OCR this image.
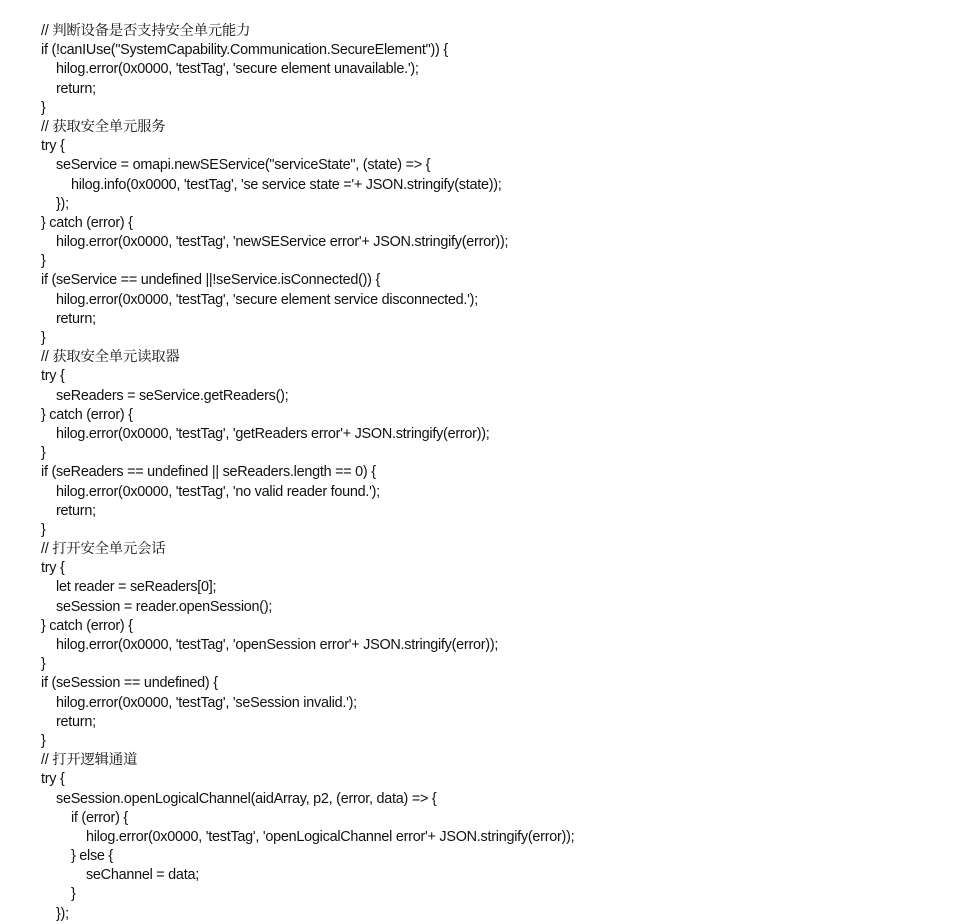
// 判断设备是否支持安全单元能力
if (!canIUse("SystemCapability.Communication.SecureElement")) {
hilog.error(0x0000, 'testTag', 'secure element unavailable.');
return;
}
// 获取安全单元服务
try {
seService = omapi.newSEService("serviceState", (state) => {
hilog.info(0x0000, 'testTag', 'se service state ='+ JSON.stringify(state));
});
} catch (error) {
hilog.error(0x0000, 'testTag', 'newSEService error'+ JSON.stringify(error));
}
if (seService == undefined ||!seService.isConnected()) {
hilog.error(0x0000, 'testTag', 'secure element service disconnected.');
return;
}
// 获取安全单元读取器
try {
seReaders = seService.getReaders();
} catch (error) {
hilog.error(0x0000, 'testTag', 'getReaders error'+ JSON.stringify(error));
}
if (seReaders == undefined || seReaders.length == 0) {
hilog.error(0x0000, 'testTag', 'no valid reader found.');
return;
}
// 打开安全单元会话
try {
let reader = seReaders[0];
seSession = reader.openSession();
} catch (error) {
hilog.error(0x0000, 'testTag', 'openSession error'+ JSON.stringify(error));
}
if (seSession == undefined) {
hilog.error(0x0000, 'testTag', 'seSession invalid.');
return;
}
// 打开逻辑通道
try {
seSession.openLogicalChannel(aidArray, p2, (error, data) => {
if (error) {
hilog.error(0x0000, 'testTag', 'openLogicalChannel error'+ JSON.stringify(error));
} else {
seChannel = data;
}
});
